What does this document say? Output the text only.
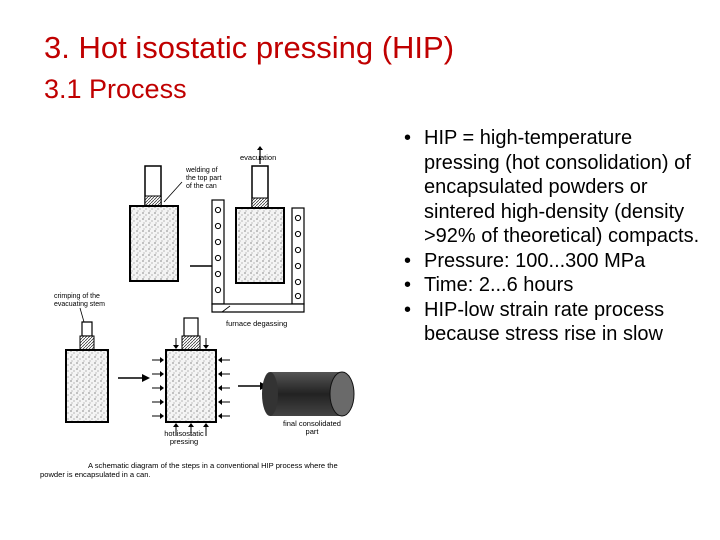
3. Hot isostatic pressing (HIP)
3.1 Process
• HIP = high-temperature pressing (hot consolidation) of encapsulated powders or sintered high-density (density >92% of theoretical) compacts.
• Pressure: 100...300 MPa
• Time: 2...6 hours
• HIP-low strain rate process because stress rise in slow
welding of
the top part
of the can
evacuation
furnace degassing
crimping of the
evacuating stem
hot isostatic
pressing
final consolidated
part
A schematic diagram of the steps in a conventional HIP process where the
powder is encapsulated in a can.
